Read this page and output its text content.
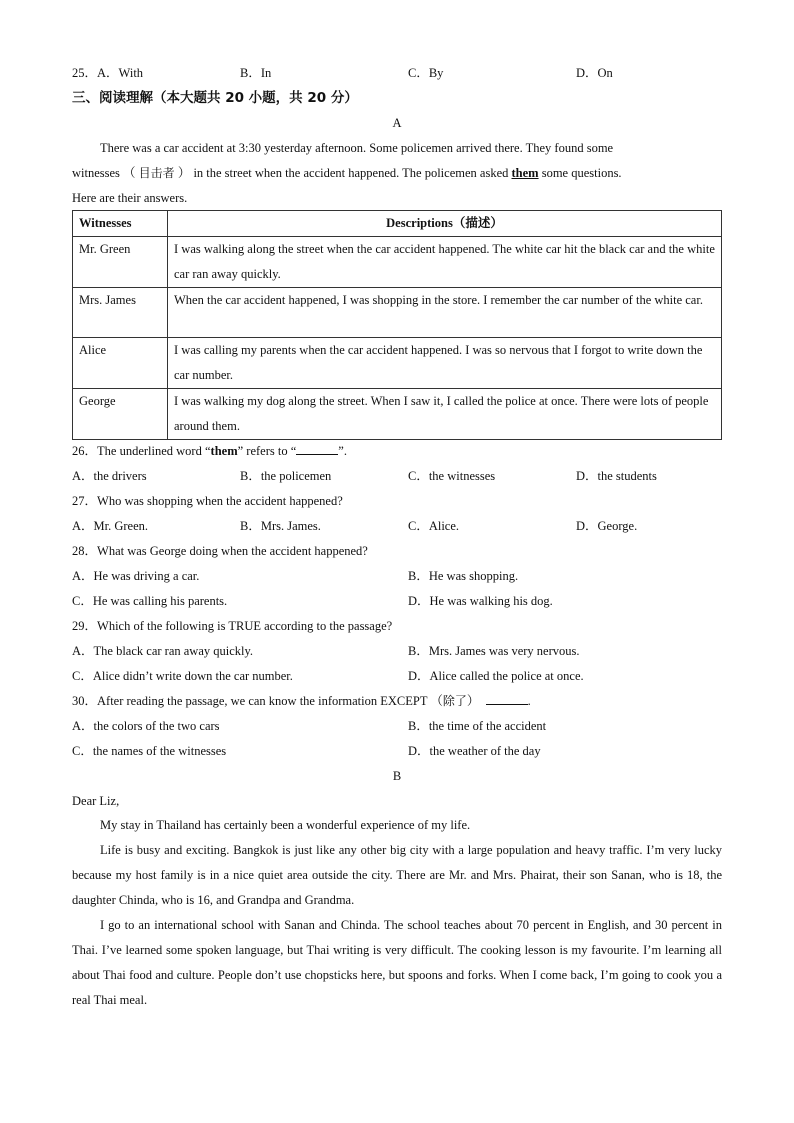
25．A．With	B．In	C．By	D．On
三、阅读理解（本大题共 20 小题，共 20 分）
A
There was a car accident at 3:30 yesterday afternoon. Some policemen arrived there. They found some
witnesses （ 目击者 ） in the street when the accident happened. The policemen asked them some questions.
Here are their answers.
Witnesses	Descriptions（描述）
Mr. Green	I was walking along the street when the car accident happened. The white car hit the black car and the white car ran away quickly.
Mrs. James	When the car accident happened, I was shopping in the store. I remember the car number of the white car.
Alice	I was calling my parents when the car accident happened. I was so nervous that I forgot to write down the car number.
George	I was walking my dog along the street. When I saw it, I called the police at once. There were lots of people around them.
26．The underlined word “them” refers to “	”.
A．the drivers	B．the policemen	C．the witnesses	D．the students
27．Who was shopping when the accident happened?
A．Mr. Green.	B．Mrs. James.	C．Alice.	D．George.
28．What was George doing when the accident happened?
A．He was driving a car.	B．He was shopping.
C．He was calling his parents.	D．He was walking his dog.
29．Which of the following is TRUE according to the passage?
A．The black car ran away quickly.	B．Mrs. James was very nervous.
C．Alice didn’t write down the car number.	D．Alice called the police at once.
30．After reading the passage, we can know the information EXCEPT （除了）	.
A．the colors of the two cars	B．the time of the accident
C．the names of the witnesses	D．the weather of the day
B
Dear Liz,
My stay in Thailand has certainly been a wonderful experience of my life.
Life is busy and exciting. Bangkok is just like any other big city with a large population and heavy traffic. I’m very lucky because my host family is in a nice quiet area outside the city. There are Mr. and Mrs. Phairat, their son Sanan, who is 18, the daughter Chinda, who is 16, and Grandpa and Grandma.
I go to an international school with Sanan and Chinda. The school teaches about 70 percent in English, and 30 percent in Thai. I’ve learned some spoken language, but Thai writing is very difficult. The cooking lesson is my favourite. I’m learning all about Thai food and culture. People don’t use chopsticks here, but spoons and forks. When I come back, I’m going to cook you a real Thai meal.
